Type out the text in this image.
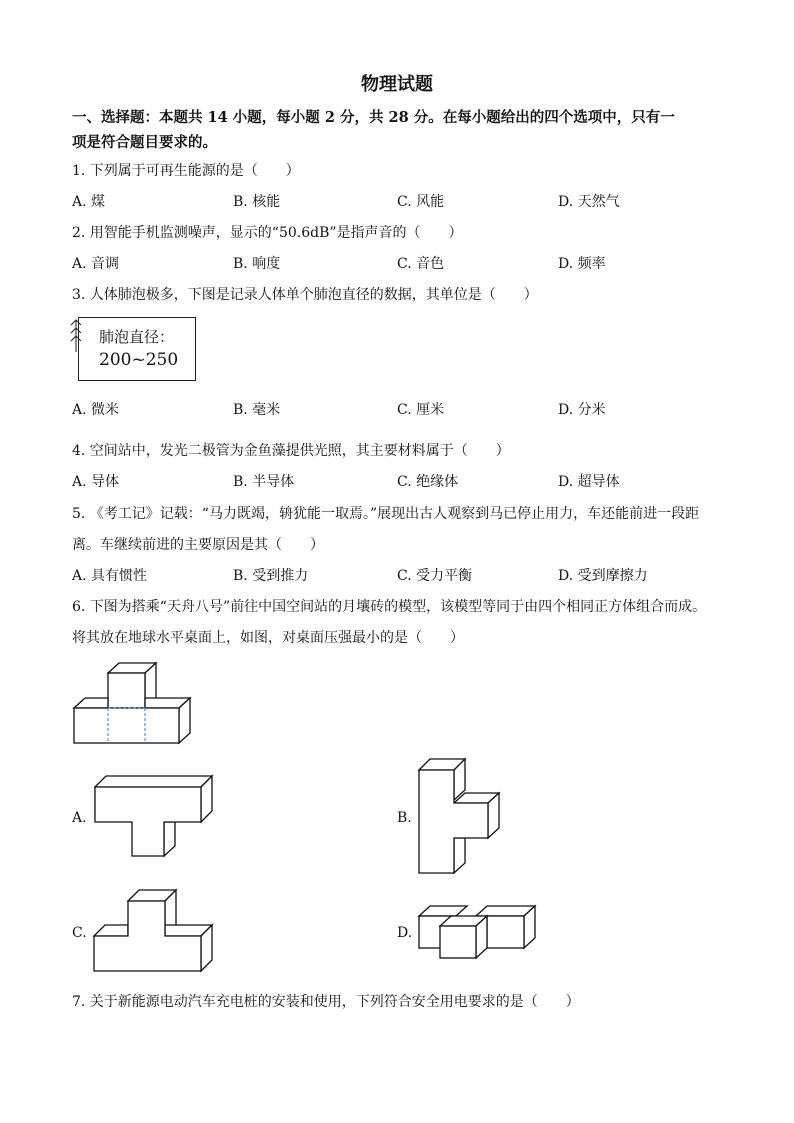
物理试题
一、选择题：本题共 14 小题，每小题 2 分，共 28 分。在每小题给出的四个选项中，只有一
项是符合题目要求的。
1. 下列属于可再生能源的是（　　）
A. 煤	B. 核能	C. 风能	D. 天然气
2. 用智能手机监测噪声，显示的“50.6dB”是指声音的（　　）
A. 音调	B. 响度	C. 音色	D. 频率
3. 人体肺泡极多，下图是记录人体单个肺泡直径的数据，其单位是（　　）
肺泡直径：
200~250
A. 微米	B. 毫米	C. 厘米	D. 分米
4. 空间站中，发光二极管为金鱼藻提供光照，其主要材料属于（　　）
A. 导体	B. 半导体	C. 绝缘体	D. 超导体
5. 《考工记》记载：“马力既竭，辀犹能一取焉。”展现出古人观察到马已停止用力，车还能前进一段距
离。车继续前进的主要原因是其（　　）
A. 具有惯性	B. 受到推力	C. 受力平衡	D. 受到摩擦力
6. 下图为搭乘“天舟八号”前往中国空间站的月壤砖的模型，该模型等同于由四个相同正方体组合而成。
将其放在地球水平桌面上，如图，对桌面压强最小的是（　　）
A.	B.
C.	D.
7. 关于新能源电动汽车充电桩的安装和使用，下列符合安全用电要求的是（　　）
